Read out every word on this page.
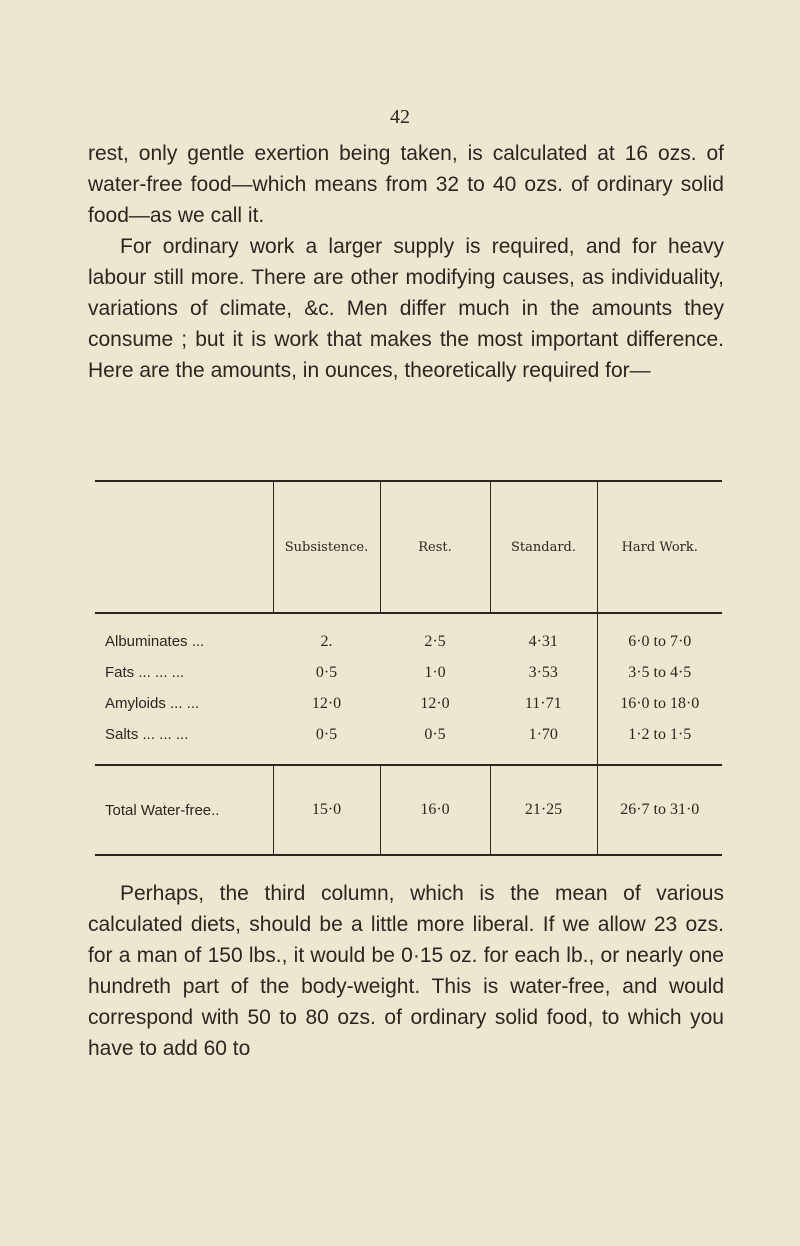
42

rest, only gentle exertion being taken, is calculated at 16 ozs. of water-free food—which means from 32 to 40 ozs. of ordinary solid food—as we call it.

For ordinary work a larger supply is required, and for heavy labour still more. There are other modifying causes, as individuality, variations of climate, &c. Men differ much in the amounts they consume ; but it is work that makes the most important difference. Here are the amounts, in ounces, theoretically required for—

	Subsistence.	Rest.	Standard.	Hard Work.
Albuminates ...	2.	2·5	4·31	6·0 to 7·0
Fats ... ... ...	0·5	1·0	3·53	3·5 to 4·5
Amyloids ... ...	12·0	12·0	11·71	16·0 to 18·0
Salts ... ... ...	0·5	0·5	1·70	1·2 to 1·5
Total Water-free..	15·0	16·0	21·25	26·7 to 31·0

Perhaps, the third column, which is the mean of various calculated diets, should be a little more liberal. If we allow 23 ozs. for a man of 150 lbs., it would be 0·15 oz. for each lb., or nearly one hundreth part of the body-weight. This is water-free, and would correspond with 50 to 80 ozs. of ordinary solid food, to which you have to add 60 to
